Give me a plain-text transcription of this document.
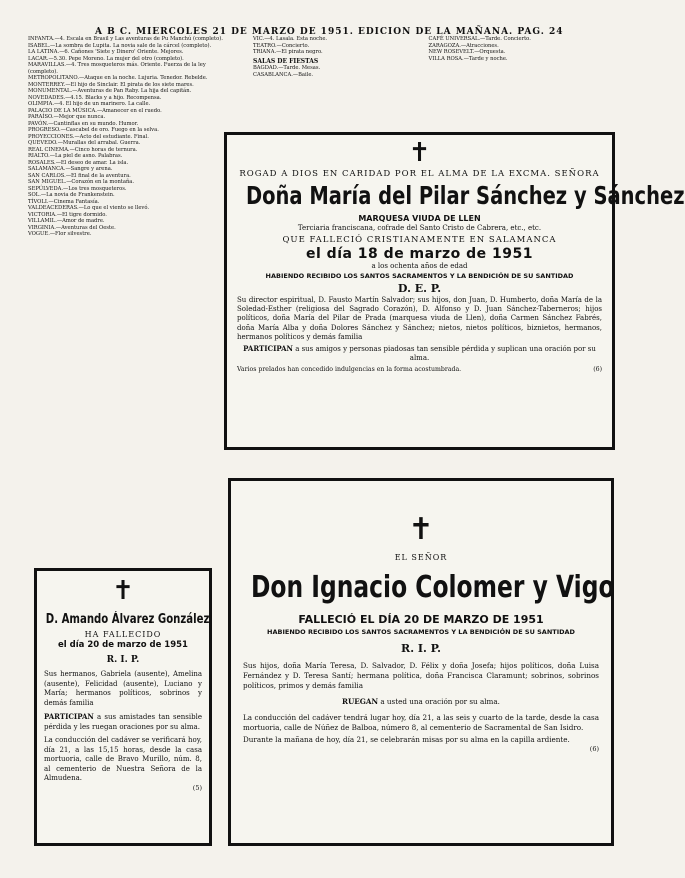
A B C. MIERCOLES 21 DE MARZO DE 1951. EDICION DE LA MAÑANA. PAG. 24

INFANTA.—4. Escala en Brasil y Las aventuras de Pu Manchú (completo).

ISABEL.—La sombra de Lupita. La novia sale de la cárcel (completo).

LA LATINA.—6. Cañones 'Siete y Dinero' Oriente. Mejores.

LACAR.—5.30. Pepe Moreno. La mujer del otro (completo).

MARAVILLAS.—4. Tres mosqueteros más. Oriente. Fuerza de la ley (completo).

METROPOLITANO.—Ataque en la noche. Lujuria. Tenedor. Rebelde.

MONTERREY.—El hijo de Sinclair. El pirata de los siete mares.

MONUMENTAL.—Aventuras de Pan Raby. La hija del capitán.

NOVEDADES.—4.15. Blacks y a hijo. Recompensa.

OLIMPIA.—4. El hijo de un marinero. La calle.

PALACIO DE LA MÚSICA.—Amanecer en el ruedo.

PARAÍSO.—Mejor que nunca.

PAVÓN.—Cantinflas en su mundo. Humor.

PROGRESO.—Cascabel de oro. Fuego en la selva.

PROYECCIONES.—Acto del estudiante. Final.

QUEVEDO.—Murallas del arrabal. Guerra.

REAL CINEMA.—Cinco horas de ternura.

RIALTO.—La piel de asno. Palabras.

ROSALES.—El deseo de amar. La isla.

SALAMANCA.—Sangre y arena.

SAN CARLOS.—El final de la aventura.

SAN MIGUEL.—Corazón en la montaña.

SEPÚLVEDA.—Los tres mosqueteros.

SOL.—La novia de Frankenstein.

TÍVOLI.—Cinema Fantasía.

VALDEACEDERAS.—Lo que el viento se llevó.

VICTORIA.—El tigre dormido.

VILLAMIL.—Amor de madre.

VIRGINIA.—Aventuras del Oeste.

VOGUE.—Flor silvestre.

VIC.—4. Lasala. Esta noche.

TEATRO.—Concierto.

TRIANA.—El pirata negro.

SALAS DE FIESTAS

BAGDAD.—Tarde. Mesas.

CASABLANCA.—Baile.

CAFÉ UNIVERSAL.—Tarde. Concierto.

ZARAGOZA.—Atracciones.

NEW ROSEVELT.—Orquesta.

VILLA ROSA.—Tarde y noche.

✝
ROGAD A DIOS EN CARIDAD POR EL ALMA DE LA EXCMA. SEÑORA
Doña María del Pilar Sánchez y Sánchez
MARQUESA VIUDA DE LLEN
Terciaria franciscana, cofrade del Santo Cristo de Cabrera, etc., etc.
QUE FALLECIÓ CRISTIANAMENTE EN SALAMANCA
el día 18 de marzo de 1951
a los ochenta años de edad
HABIENDO RECIBIDO LOS SANTOS SACRAMENTOS Y LA BENDICIÓN DE SU SANTIDAD
D. E. P.
Su director espiritual, D. Fausto Martín Salvador; sus hijos, don Juan, D. Humberto, doña María de la Soledad-Esther (religiosa del Sagrado Corazón), D. Alfonso y D. Juan Sánchez-Taberneros; hijos políticos, doña María del Pilar de Prada (marquesa viuda de Llen), doña Carmen Sánchez Fabrés, doña María Alba y doña Dolores Sánchez y Sánchez; nietos, nietos políticos, biznietos, hermanos, hermanos políticos y demás familia
PARTICIPAN a sus amigos y personas piadosas tan sensible pérdida y suplican una oración por su alma.
Varios prelados han concedido indulgencias en la forma acostumbrada.	(6)
✝
D. Amando Álvarez González
HA FALLECIDO
el día 20 de marzo de 1951
R. I. P.
Sus hermanos, Gabriela (ausente), Amelina (ausente), Felicidad (ausente), Luciano y María; hermanos políticos, sobrinos y demás familia
PARTICIPAN a sus amistades tan sensible pérdida y les ruegan oraciones por su alma.
La conducción del cadáver se verificará hoy, día 21, a las 15,15 horas, desde la casa mortuoria, calle de Bravo Murillo, núm. 8, al cementerio de Nuestra Señora de la Almudena.
(5)
✝
EL SEÑOR
Don Ignacio Colomer y Vigo
FALLECIÓ EL DÍA 20 DE MARZO DE 1951
HABIENDO RECIBIDO LOS SANTOS SACRAMENTOS Y LA BENDICIÓN DE SU SANTIDAD
R. I. P.
Sus hijos, doña María Teresa, D. Salvador, D. Félix y doña Josefa; hijos políticos, doña Luisa Fernández y D. Teresa Santí; hermana política, doña Francisca Claramunt; sobrinos, sobrinos políticos, primos y demás familia
RUEGAN a usted una oración por su alma.
La conducción del cadáver tendrá lugar hoy, día 21, a las seis y cuarto de la tarde, desde la casa mortuoria, calle de Núñez de Balboa, número 8, al cementerio de Sacramental de San Isidro.
Durante la mañana de hoy, día 21, se celebrarán misas por su alma en la capilla ardiente.
(6)
